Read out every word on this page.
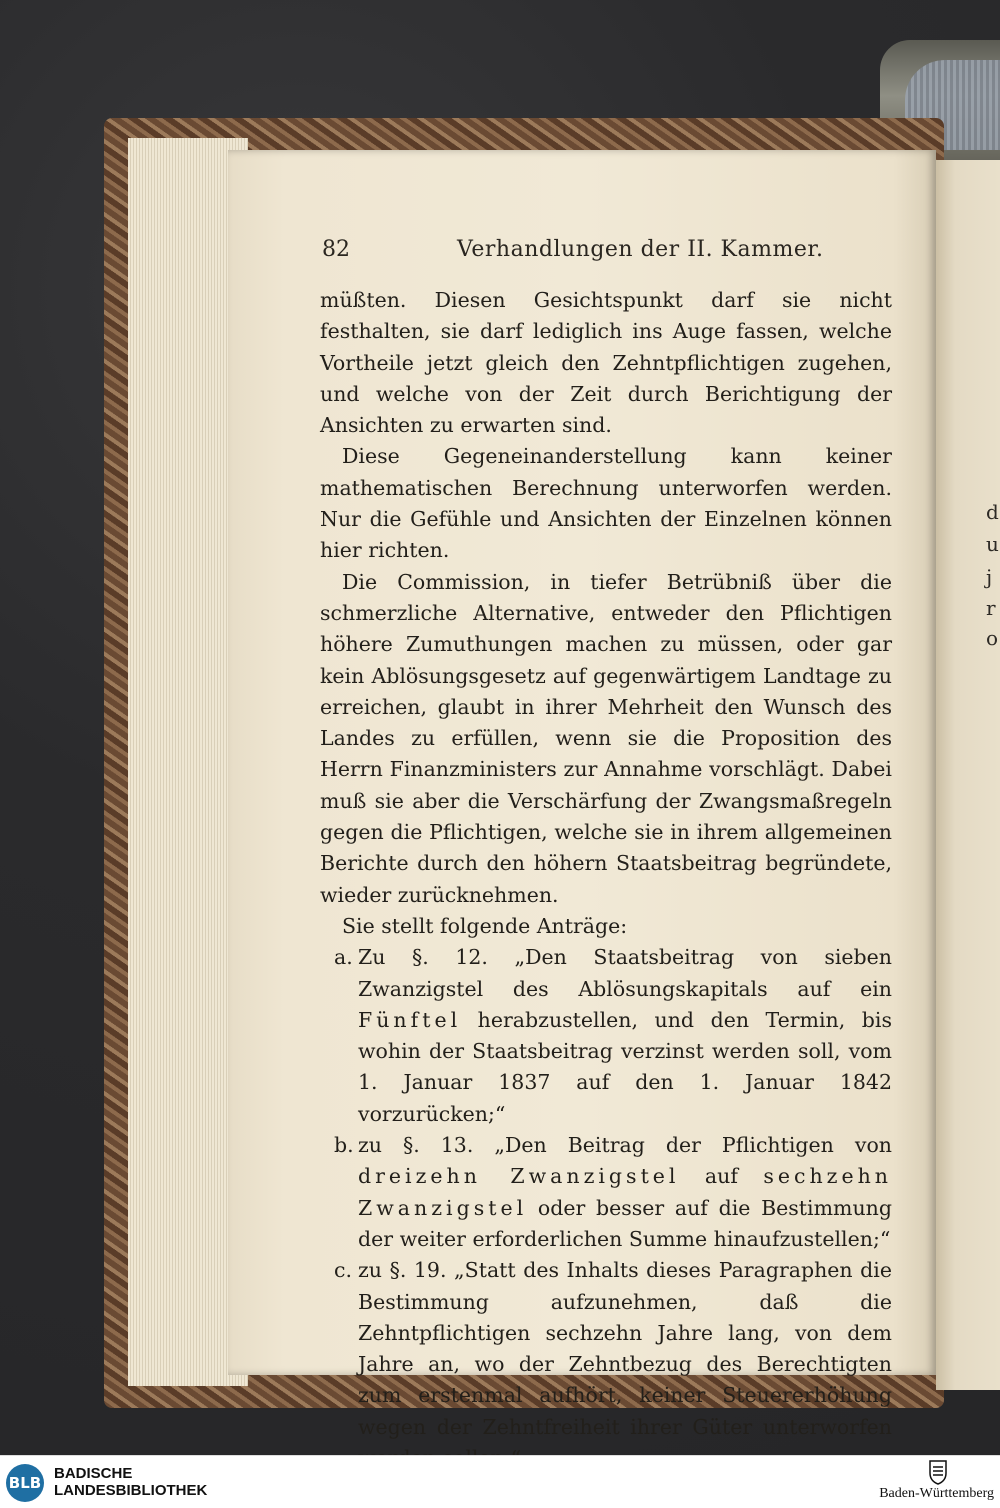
d
u
j
r
o
82	Verhandlungen der II. Kammer.

müßten. Diesen Gesichtspunkt darf sie nicht festhalten, sie darf lediglich ins Auge fassen, welche Vortheile jetzt gleich den Zehntpflichtigen zugehen, und welche von der Zeit durch Berichtigung der Ansichten zu erwarten sind.

Diese Gegeneinanderstellung kann keiner mathematischen Berechnung unterworfen werden. Nur die Gefühle und Ansichten der Einzelnen können hier richten.

Die Commission, in tiefer Betrübniß über die schmerzliche Alternative, entweder den Pflichtigen höhere Zumuthungen machen zu müssen, oder gar kein Ablösungsgesetz auf gegenwärtigem Landtage zu erreichen, glaubt in ihrer Mehrheit den Wunsch des Landes zu erfüllen, wenn sie die Proposition des Herrn Finanzministers zur Annahme vorschlägt. Dabei muß sie aber die Verschärfung der Zwangsmaßregeln gegen die Pflichtigen, welche sie in ihrem allgemeinen Berichte durch den höhern Staatsbeitrag begründete, wieder zurücknehmen.

Sie stellt folgende Anträge:

a. Zu §. 12. „Den Staatsbeitrag von sieben Zwanzigstel des Ablösungskapitals auf ein Fünftel herabzustellen, und den Termin, bis wohin der Staatsbeitrag verzinst werden soll, vom 1. Januar 1837 auf den 1. Januar 1842 vorzurücken;“

b. zu §. 13. „Den Beitrag der Pflichtigen von dreizehn Zwanzigstel auf sechzehn Zwanzigstel oder besser auf die Bestimmung der weiter erforderlichen Summe hinaufzustellen;“

c. zu §. 19. „Statt des Inhalts dieses Paragraphen die Bestimmung aufzunehmen, daß die Zehntpflichtigen sechzehn Jahre lang, von dem Jahre an, wo der Zehntbezug des Berechtigten zum erstenmal aufhört, keiner Steuererhöhung wegen der Zehntfreiheit ihrer Güter unterworfen

BLB
BADISCHE
LANDESBIBLIOTHEK	Baden-Württemberg
